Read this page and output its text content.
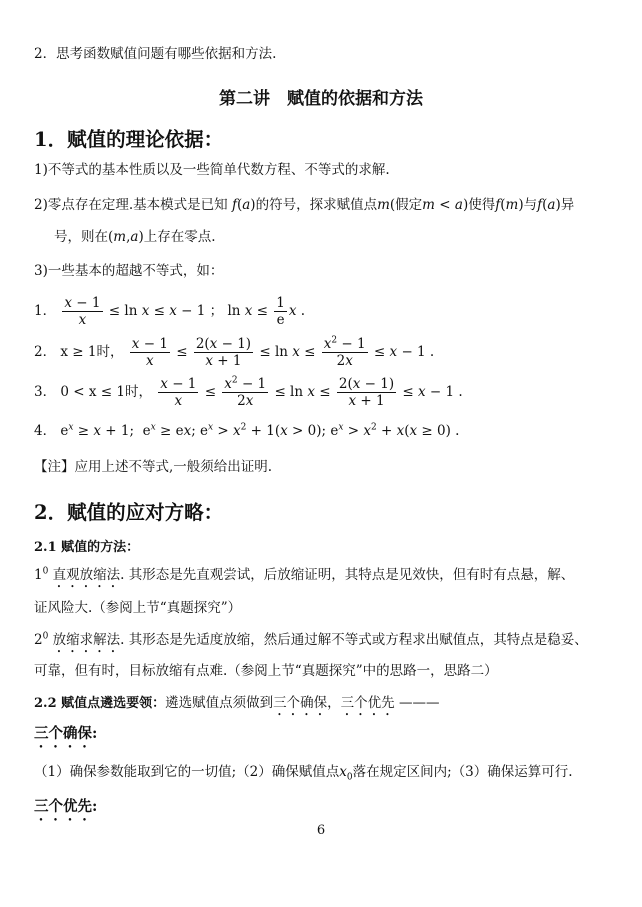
2．思考函数赋值问题有哪些依据和方法.
第二讲　赋值的依据和方法
1．赋值的理论依据：
1)不等式的基本性质以及一些简单代数方程、不等式的求解.
2)零点存在定理.基本模式是已知 f(a)的符号，探求赋值点m(假定m < a)使得f(m)与f(a)异
号，则在(m,a)上存在零点.
3)一些基本的超越不等式，如：
1． $\frac{x - 1}{x} \le \ln x \le x - 1$ ； $\ln x \le \frac{1}{e}$ x .
2． x ≥ 1时， $\frac{x - 1}{x} \le \frac{2(x - 1)}{x + 1} \le \ln x \le \frac{x^2 - 1}{2x} \le x - 1$ .
3． 0 < x ≤ 1时， $\frac{x - 1}{x} \le \frac{x^2 - 1}{2x} \le \ln x \le \frac{2(x - 1)}{x + 1} \le x - 1$ .
4． $e^x \ge x + 1$;  $e^x$ ≥ ex; $e^x > x^2 + 1(x > 0)$; $e^x > x^2 + x(x \ge 0)$ .
【注】应用上述不等式,一般须给出证明.
2．赋值的应对方略：
2.1 赋值的方法：
$1^0$ 直观放缩法. 其形态是先直观尝试，后放缩证明，其特点是见效快，但有时有点悬，解、
证风险大.（参阅上节“真题探究”）
$2^0$ 放缩求解法. 其形态是先适度放缩，然后通过解不等式或方程求出赋值点，其特点是稳妥、
可靠，但有时，目标放缩有点难.（参阅上节“真题探究”中的思路一，思路二）
2.2 赋值点遴选要领：遴选赋值点须做到三个确保，三个优先 ———
三个确保:
（1）确保参数能取到它的一切值;（2）确保赋值点$x_0$落在规定区间内;（3）确保运算可行.
三个优先:
6
